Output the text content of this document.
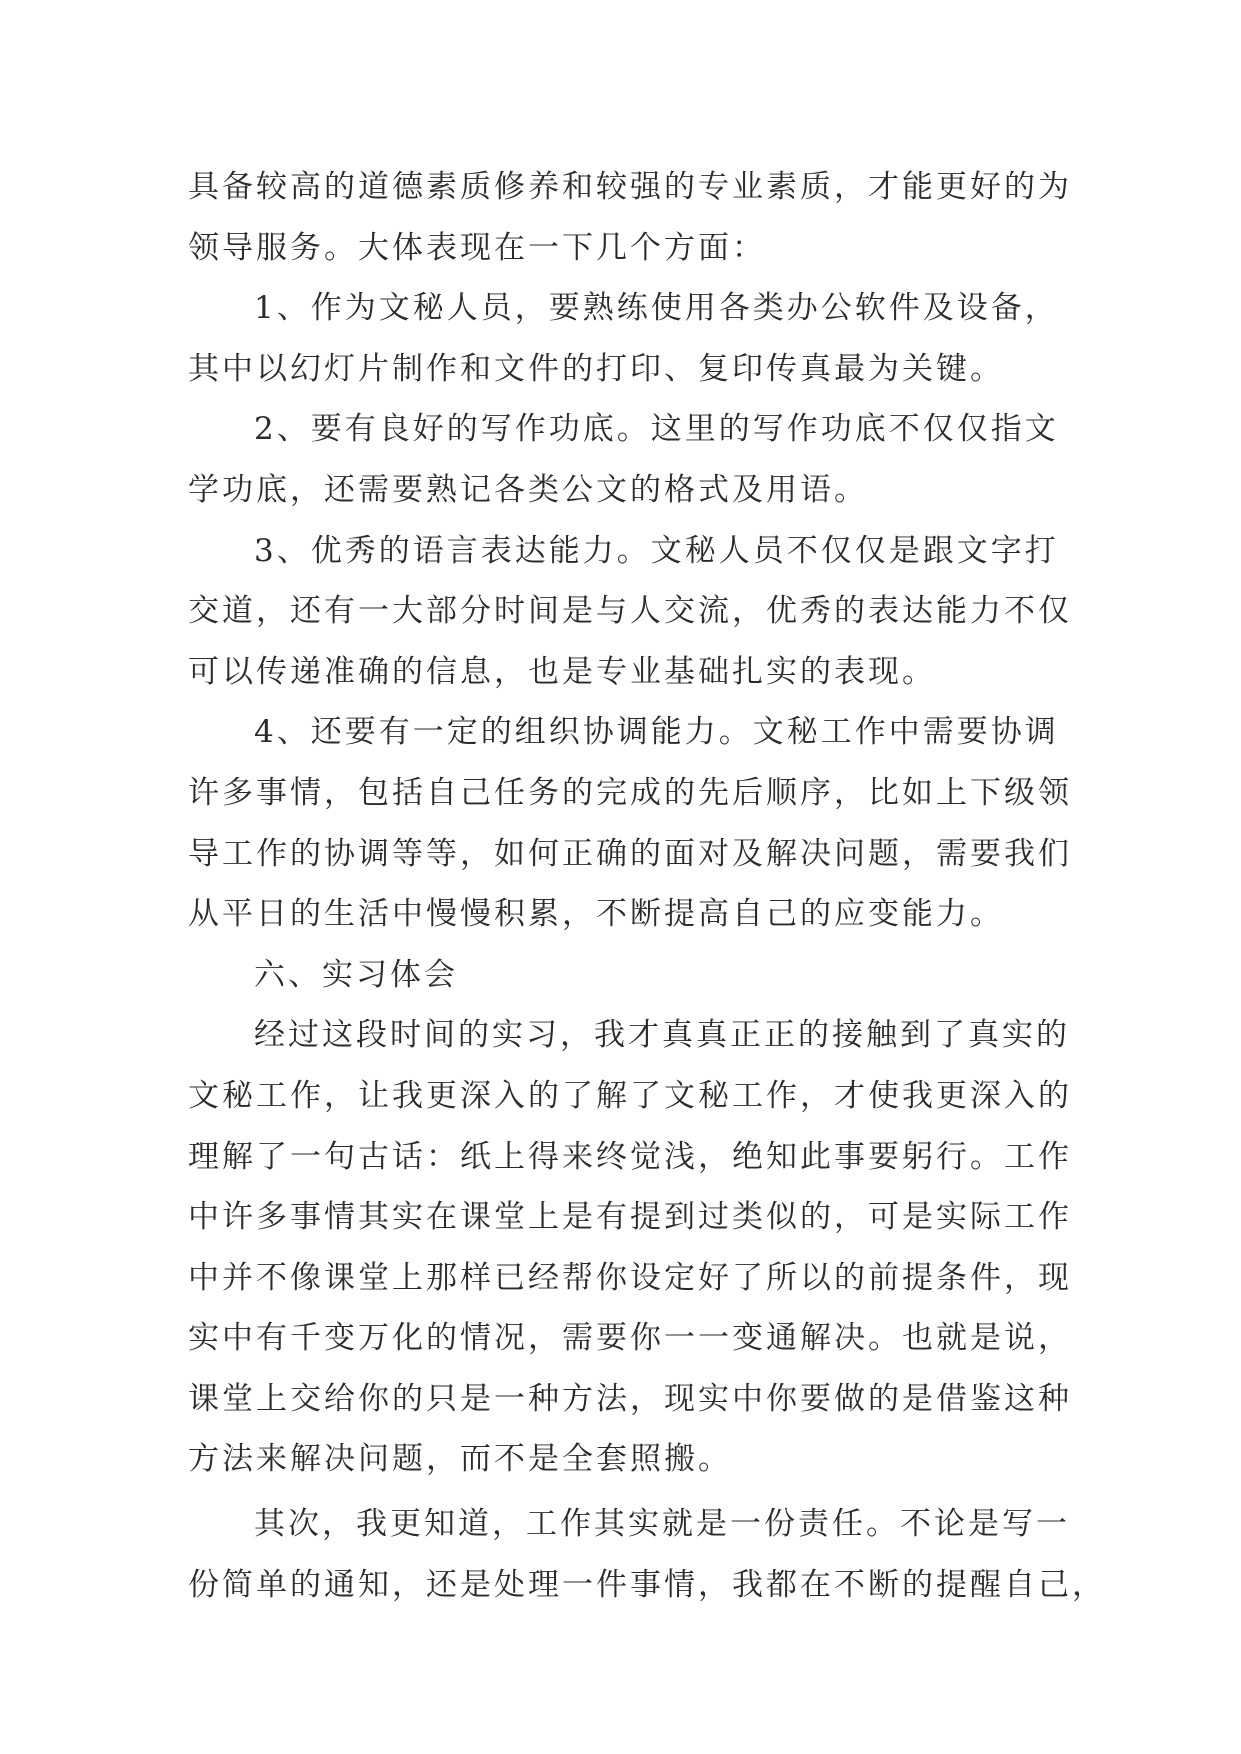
具备较高的道德素质修养和较强的专业素质，才能更好的为
领导服务。大体表现在一下几个方面：
1、作为文秘人员，要熟练使用各类办公软件及设备，
其中以幻灯片制作和文件的打印、复印传真最为关键。
2、要有良好的写作功底。这里的写作功底不仅仅指文
学功底，还需要熟记各类公文的格式及用语。
3、优秀的语言表达能力。文秘人员不仅仅是跟文字打
交道，还有一大部分时间是与人交流，优秀的表达能力不仅
可以传递准确的信息，也是专业基础扎实的表现。
4、还要有一定的组织协调能力。文秘工作中需要协调
许多事情，包括自己任务的完成的先后顺序，比如上下级领
导工作的协调等等，如何正确的面对及解决问题，需要我们
从平日的生活中慢慢积累，不断提高自己的应变能力。
六、实习体会
经过这段时间的实习，我才真真正正的接触到了真实的
文秘工作，让我更深入的了解了文秘工作，才使我更深入的
理解了一句古话：纸上得来终觉浅，绝知此事要躬行。工作
中许多事情其实在课堂上是有提到过类似的，可是实际工作
中并不像课堂上那样已经帮你设定好了所以的前提条件，现
实中有千变万化的情况，需要你一一变通解决。也就是说，
课堂上交给你的只是一种方法，现实中你要做的是借鉴这种
方法来解决问题，而不是全套照搬。
其次，我更知道，工作其实就是一份责任。不论是写一
份简单的通知，还是处理一件事情，我都在不断的提醒自己，
